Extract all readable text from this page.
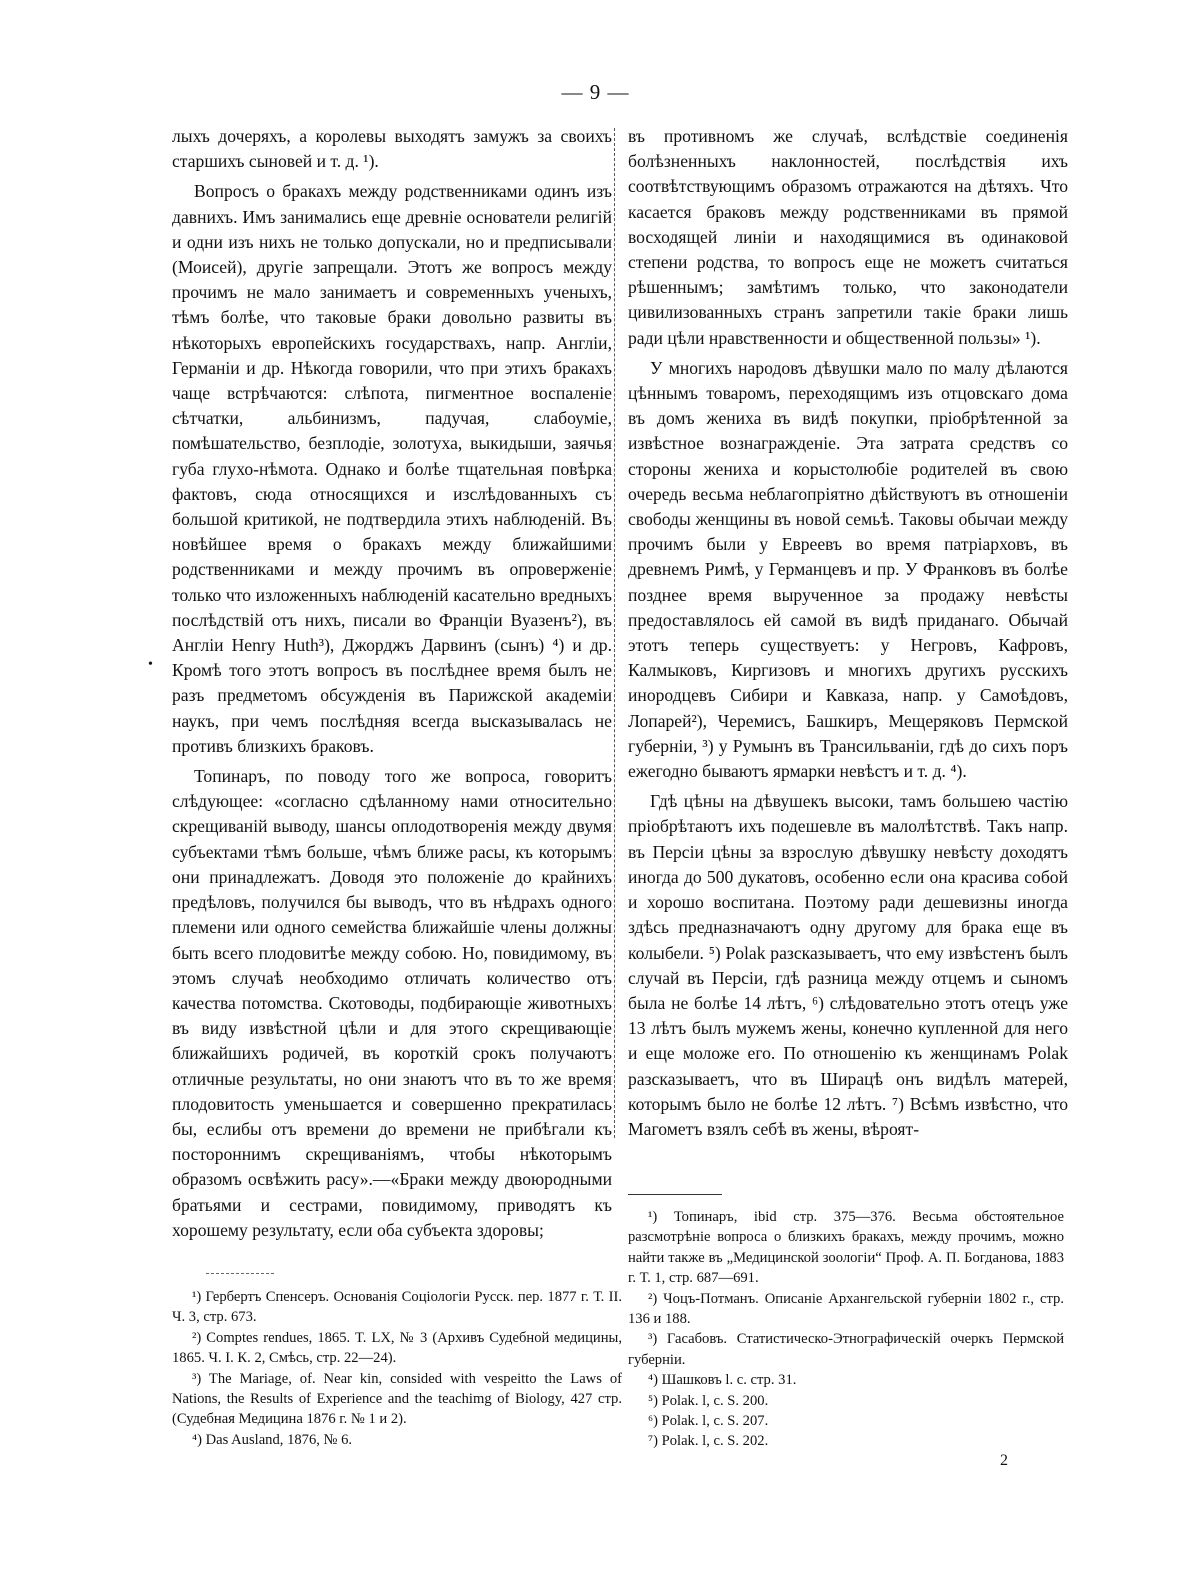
— 9 —
•

лыхъ дочеряхъ, а королевы выходятъ замужъ за своихъ старшихъ сыновей и т. д. ¹).

Вопросъ о бракахъ между родственниками одинъ изъ давнихъ. Имъ занимались еще древніе основатели религій и одни изъ нихъ не только допускали, но и предписывали (Моисей), другіе запрещали. Этотъ же вопросъ между прочимъ не мало занимаетъ и современныхъ ученыхъ, тѣмъ болѣе, что таковые браки довольно развиты въ нѣкоторыхъ европейскихъ государствахъ, напр. Англіи, Германіи и др. Нѣкогда говорили, что при этихъ бракахъ чаще встрѣчаются: слѣпота, пигментное воспаленіе сѣтчатки, альбинизмъ, падучая, слабоуміе, помѣшательство, безплодіе, золотуха, выкидыши, заячья губа глухо-нѣмота. Однако и болѣе тщательная повѣрка фактовъ, сюда относящихся и изслѣдованныхъ съ большой критикой, не подтвердила этихъ наблюденій. Въ новѣйшее время о бракахъ между ближайшими родственниками и между прочимъ въ опроверженіе только что изложенныхъ наблюденій касательно вредныхъ послѣдствій отъ нихъ, писали во Франціи Вуазенъ²), въ Англіи Henry Huth³), Джорджъ Дарвинъ (сынъ) ⁴) и др. Кромѣ того этотъ вопросъ въ послѣднее время былъ не разъ предметомъ обсужденія въ Парижской академіи наукъ, при чемъ послѣдняя всегда высказывалась не противъ близкихъ браковъ.

Топинаръ, по поводу того же вопроса, говоритъ слѣдующее: «согласно сдѣланному нами относительно скрещиваній выводу, шансы оплодотворенія между двумя субъектами тѣмъ больше, чѣмъ ближе расы, къ которымъ они принадлежатъ. Доводя это положеніе до крайнихъ предѣловъ, получился бы выводъ, что въ нѣдрахъ одного племени или одного семейства ближайшіе члены должны быть всего плодовитѣе между собою. Но, повидимому, въ этомъ случаѣ необходимо отличать количество отъ качества потомства. Скотоводы, подбирающіе животныхъ въ виду извѣстной цѣли и для этого скрещивающіе ближайшихъ родичей, въ короткій срокъ получаютъ отличные результаты, но они знаютъ что въ то же время плодовитость уменьшается и совершенно прекратилась бы, еслибы отъ времени до времени не прибѣгали къ постороннимъ скрещиваніямъ, чтобы нѣкоторымъ образомъ освѣжить расу».—«Браки между двоюродными братьями и сестрами, повидимому, приводятъ къ хорошему результату, если оба субъекта здоровы;

въ противномъ же случаѣ, вслѣдствіе соединенія болѣзненныхъ наклонностей, послѣдствія ихъ соотвѣтствующимъ образомъ отражаются на дѣтяхъ. Что касается браковъ между родственниками въ прямой восходящей линіи и находящимися въ одинаковой степени родства, то вопросъ еще не можетъ считаться рѣшеннымъ; замѣтимъ только, что законодатели цивилизованныхъ странъ запретили такіе браки лишь ради цѣли нравственности и общественной пользы» ¹).

У многихъ народовъ дѣвушки мало по малу дѣлаются цѣннымъ товаромъ, переходящимъ изъ отцовскаго дома въ домъ жениха въ видѣ покупки, пріобрѣтенной за извѣстное вознагражденіе. Эта затрата средствъ со стороны жениха и корыстолюбіе родителей въ свою очередь весьма неблагопріятно дѣйствуютъ въ отношеніи свободы женщины въ новой семьѣ. Таковы обычаи между прочимъ были у Евреевъ во время патріарховъ, въ древнемъ Римѣ, у Германцевъ и пр. У Франковъ въ болѣе позднее время вырученное за продажу невѣсты предоставлялось ей самой въ видѣ приданаго. Обычай этотъ теперь существуетъ: у Негровъ, Кафровъ, Калмыковъ, Киргизовъ и многихъ другихъ русскихъ инородцевъ Сибири и Кавказа, напр. у Самоѣдовъ, Лопарей²), Черемисъ, Башкиръ, Мещеряковъ Пермской губерніи, ³) у Румынъ въ Трансильваніи, гдѣ до сихъ поръ ежегодно бываютъ ярмарки невѣстъ и т. д. ⁴).

Гдѣ цѣны на дѣвушекъ высоки, тамъ большею частію пріобрѣтаютъ ихъ подешевле въ малолѣтствѣ. Такъ напр. въ Персіи цѣны за взрослую дѣвушку невѣсту доходятъ иногда до 500 дукатовъ, особенно если она красива собой и хорошо воспитана. Поэтому ради дешевизны иногда здѣсь предназначаютъ одну другому для брака еще въ колыбели. ⁵) Polak разсказываетъ, что ему извѣстенъ былъ случай въ Персіи, гдѣ разница между отцемъ и сыномъ была не болѣе 14 лѣтъ, ⁶) слѣдовательно этотъ отецъ уже 13 лѣтъ былъ мужемъ жены, конечно купленной для него и еще моложе его. По отношенію къ женщинамъ Polak разсказываетъ, что въ Ширацѣ онъ видѣлъ матерей, которымъ было не болѣе 12 лѣтъ. ⁷) Всѣмъ извѣстно, что Магометъ взялъ себѣ въ жены, вѣроят-

¹) Гербертъ Спенсеръ. Основанія Соціологіи Русск. пер. 1877 г. Т. II. Ч. 3, стр. 673.

²) Comptes rendues, 1865. T. LX, № 3 (Архивъ Судебной медицины, 1865. Ч. I. К. 2, Смѣсь, стр. 22—24).

³) The Mariage, of. Near kin, consided with vespeitto the Laws of Nations, the Results of Experience and the teachimg of Biology, 427 стр. (Судебная Медицина 1876 г. № 1 и 2).

⁴) Das Ausland, 1876, № 6.

¹) Топинаръ, ibid стр. 375—376. Весьма обстоятельное разсмотрѣніе вопроса о близкихъ бракахъ, между прочимъ, можно найти также въ „Медицинской зоологіи“ Проф. А. П. Богданова, 1883 г. Т. 1, стр. 687—691.

²) Чоцъ-Потманъ. Описаніе Архангельской губерніи 1802 г., стр. 136 и 188.

³) Гасабовъ. Статистическо-Этнографическій очеркъ Пермской губерніи.

⁴) Шашковъ l. c. стр. 31.

⁵) Polak. l, c. S. 200.

⁶) Polak. l, c. S. 207.

⁷) Polak. l, c. S. 202.

2
